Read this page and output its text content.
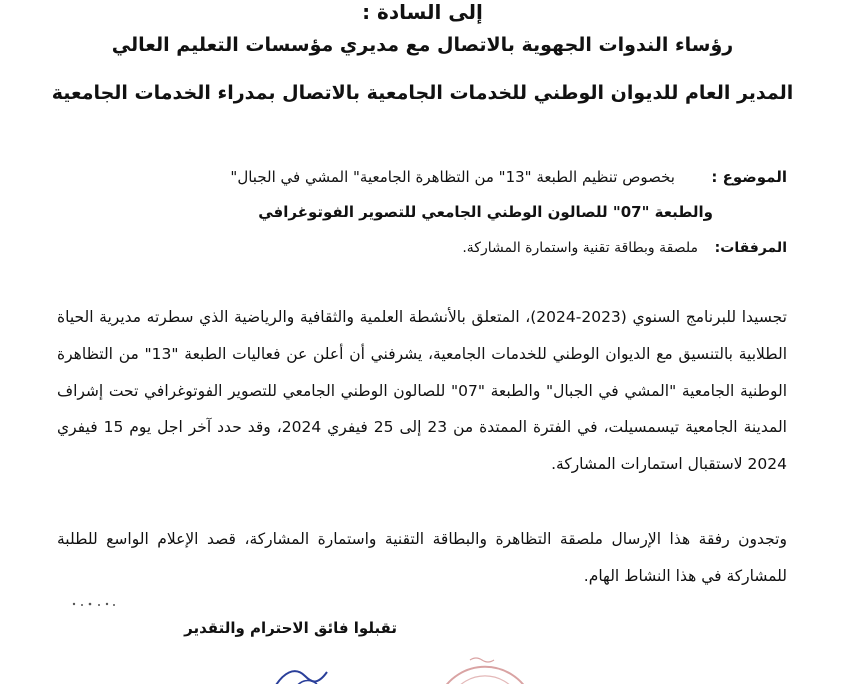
إلى السادة :
رؤساء الندوات الجهوية بالاتصال مع مديري مؤسسات التعليم العالي
المدير العام للديوان الوطني للخدمات الجامعية بالاتصال بمدراء الخدمات الجامعية
الموضوع :
بخصوص تنظيم الطبعة "13" من التظاهرة الجامعية" المشي في الجبال"
والطبعة "07" للصالون الوطني الجامعي للتصوير الفوتوغرافي
المرفقات:
ملصقة وبطاقة تقنية واستمارة المشاركة.
تجسيدا للبرنامج السنوي (2023-2024)، المتعلق بالأنشطة العلمية والثقافية والرياضية الذي سطرته مديرية الحياة الطلابية بالتنسيق مع الديوان الوطني للخدمات الجامعية، يشرفني أن أعلن عن فعاليات الطبعة "13" من التظاهرة الوطنية الجامعية "المشي في الجبال" والطبعة "07" للصالون الوطني الجامعي للتصوير الفوتوغرافي تحت إشراف المدينة الجامعية تيسمسيلت، في الفترة الممتدة من 23 إلى 25 فيفري 2024، وقد حدد آخر اجل يوم 15 فيفري 2024 لاستقبال استمارات المشاركة.
وتجدون رفقة هذا الإرسال ملصقة التظاهرة والبطاقة التقنية واستمارة المشاركة، قصد الإعلام الواسع للطلبة للمشاركة في هذا النشاط الهام.
تقبلوا فائق الاحترام والتقدير
